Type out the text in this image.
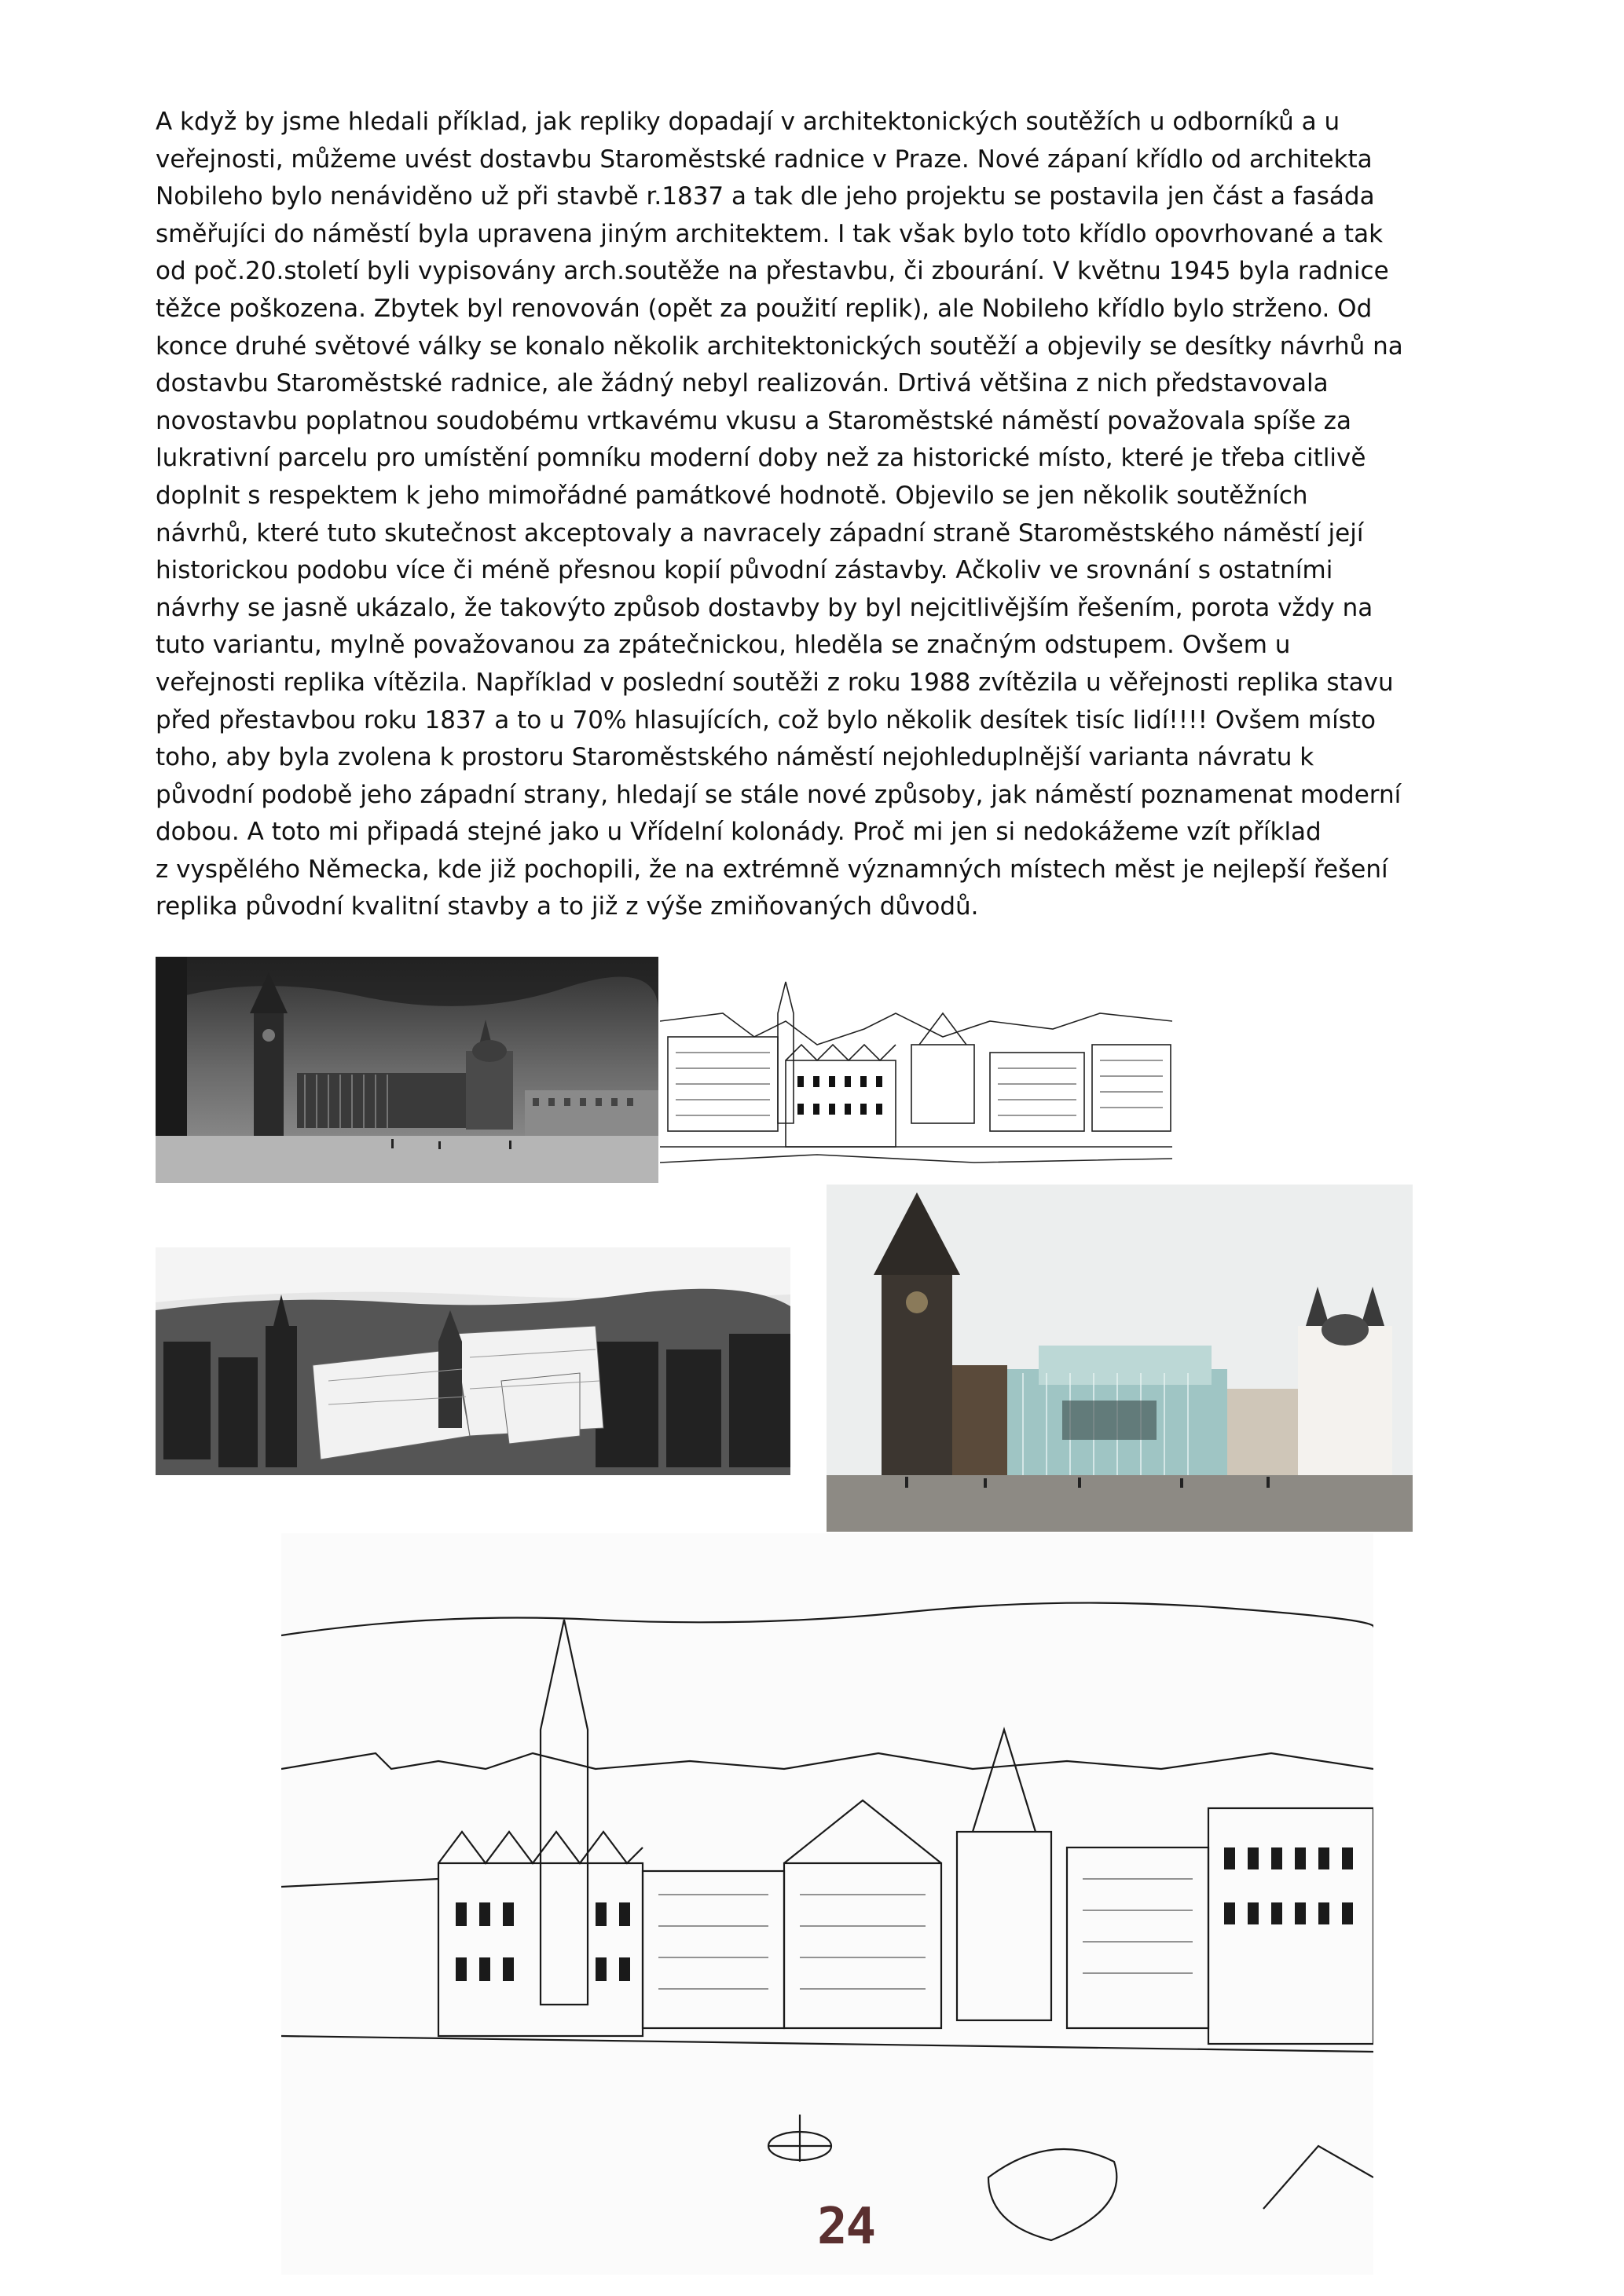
A když by jsme hledali příklad, jak repliky dopadají v architektonických soutěžích u odborníků a u
veřejnosti, můžeme uvést dostavbu Staroměstské radnice v Praze. Nové zápaní křídlo od architekta
Nobileho bylo nenáviděno už při stavbě r.1837 a tak dle jeho projektu se postavila jen část a fasáda
směřujíci do náměstí byla upravena jiným architektem. I tak však bylo toto křídlo opovrhované a tak
od poč.20.století byli vypisovány arch.soutěže na přestavbu, či zbourání. V květnu 1945 byla radnice
těžce poškozena. Zbytek byl renovován (opět za použití replik), ale Nobileho křídlo bylo strženo. Od
konce druhé světové války se konalo několik architektonických soutěží a objevily se desítky návrhů na
dostavbu Staroměstské radnice, ale žádný nebyl realizován. Drtivá většina z nich představovala
novostavbu poplatnou soudobému vrtkavému vkusu a Staroměstské náměstí považovala spíše za
lukrativní parcelu pro umístění pomníku moderní doby než za historické místo, které je třeba citlivě
doplnit s respektem k jeho mimořádné památkové hodnotě. Objevilo se jen několik soutěžních
návrhů, které tuto skutečnost akceptovaly a navracely západní straně Staroměstského náměstí její
historickou podobu více či méně přesnou kopií původní zástavby. Ačkoliv ve srovnání s ostatními
návrhy se jasně ukázalo, že takovýto způsob dostavby by byl nejcitlivějším řešením, porota vždy na
tuto variantu, mylně považovanou za zpátečnickou, hleděla se značným odstupem. Ovšem u
veřejnosti replika vítězila. Například v poslední soutěži z roku 1988 zvítězila u věřejnosti replika stavu
před přestavbou roku 1837 a to u 70% hlasujících, což bylo několik desítek tisíc lidí!!!! Ovšem místo
toho, aby byla zvolena k prostoru Staroměstského náměstí nejohleduplnější varianta návratu k
původní podobě jeho západní strany, hledají se stále nové způsoby, jak náměstí poznamenat moderní
dobou. A toto mi připadá stejné jako u Vřídelní kolonády. Proč mi jen si nedokážeme vzít příklad
z vyspělého Německa, kde již pochopili, že na extrémně významných místech měst je nejlepší řešení
replika původní kvalitní stavby a to již z výše zmiňovaných důvodů.

24
